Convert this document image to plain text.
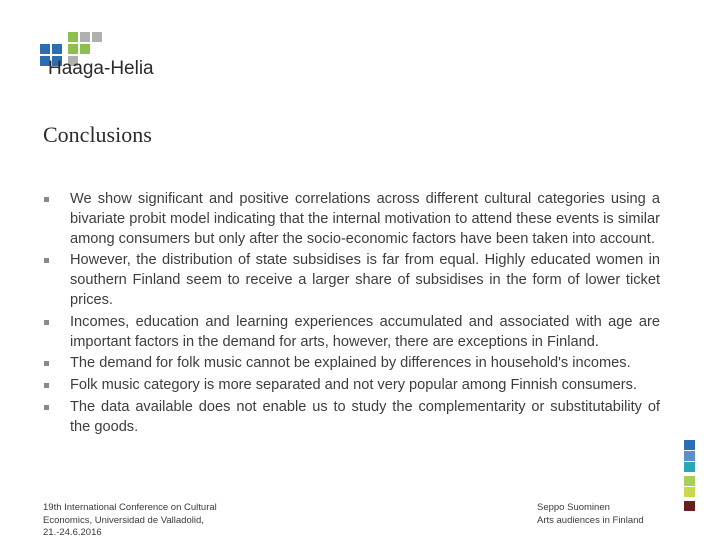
Haaga-Helia
Conclusions
We show significant and positive correlations across different cultural categories using a bivariate probit model indicating that the internal motivation to attend these events is similar among consumers but only after the socio-economic factors have been taken into account.
However, the distribution of state subsidises is far from equal. Highly educated women in southern Finland seem to receive a larger share of subsidises in the form of lower ticket prices.
Incomes, education and learning experiences accumulated and associated with age are important factors in the demand for arts, however, there are exceptions in Finland.
The demand for folk music cannot be explained by differences in household's incomes.
Folk music category is more separated and not very popular among Finnish consumers.
The data available does not enable us to study the complementarity or substitutability of the goods.
19th International Conference on Cultural Economics, Universidad de Valladolid, 21.-24.6.2016
Seppo Suominen
Arts audiences in Finland
